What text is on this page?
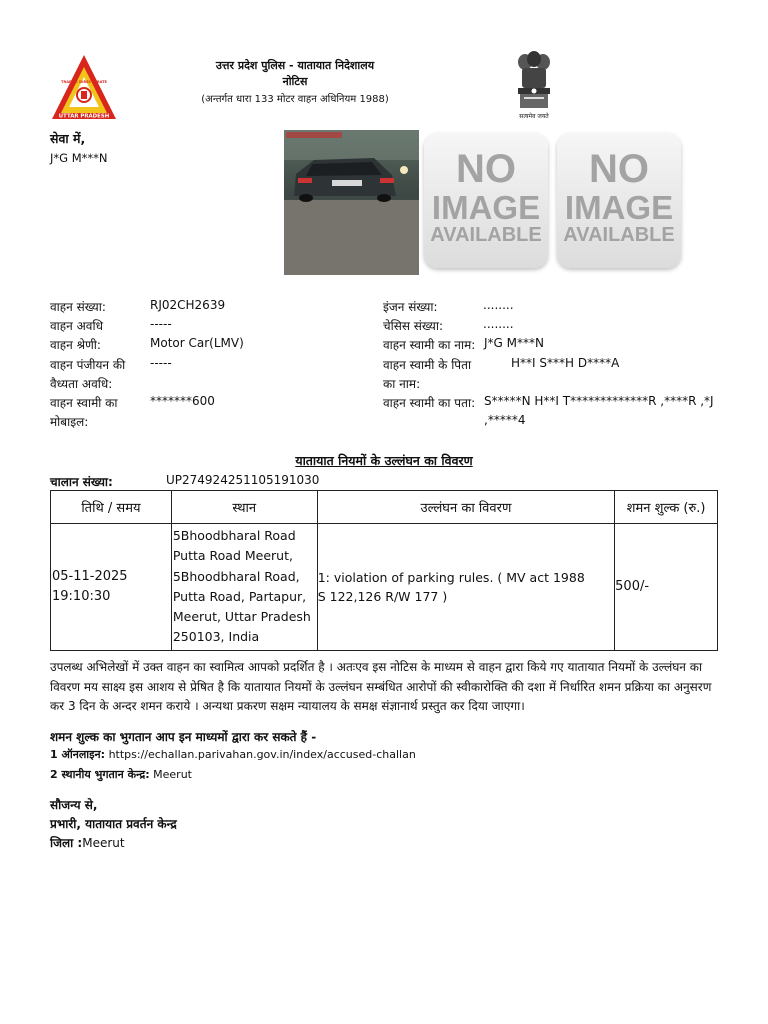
UTTAR PRADESH
TRAFFIC DIRECTORATE
उत्तर प्रदेश पुलिस - यातायात निदेशालय
नोटिस
(अन्तर्गत धारा 133 मोटर वाहन अधिनियम 1988)
सत्यमेव जयते
सेवा में,
J*G M***N	NO
IMAGE
AVAILABLE
NO
IMAGE
AVAILABLE
वाहन संख्या:	RJ02CH2639
वाहन अवधि	-----
वाहन श्रेणी:	Motor Car(LMV)
वाहन पंजीयन की
वैध्यता अवधि:
-----
वाहन स्वामी का
मोबाइल:
*******600
इंजन संख्या:	........
चेसिस संख्या:	........
वाहन स्वामी का नाम: J*G M***N
वाहन स्वामी के पिता
का नाम:
H**I S***H D****A
वाहन स्वामी का पता: S*****N H**I T*************R ,****R ,*J
,*****4
यातायात नियमों के उल्लंघन का विवरण
चालान संख्या:	UP274924251105191030
तिथि / समय	स्थान	उल्लंघन का विवरण	शमन शुल्क (रु.)

05-11-2025
19:10:30	5Bhoodbharal Road Putta Road Meerut, 5Bhoodbharal Road, Putta Road, Partapur, Meerut, Uttar Pradesh 250103, India	1: violation of parking rules. ( MV act 1988 S 122,126 R/W 177 )	500/-
उपलब्ध अभिलेखों में उक्त वाहन का स्वामित्व आपको प्रदर्शित है । अतःएव इस नोटिस के माध्यम से वाहन द्वारा किये गए यातायात नियमों के उल्लंघन का विवरण मय साक्ष्य इस आशय से प्रेषित है कि यातायात नियमों के उल्लंघन सम्बंधित आरोपों की स्वीकारोक्ति की दशा में निर्धारित शमन प्रक्रिया का अनुसरण कर 3 दिन के अन्दर शमन कराये । अन्यथा प्रकरण सक्षम न्यायालय के समक्ष संज्ञानार्थ प्रस्तुत कर दिया जाएगा।
शमन शुल्क का भुगतान आप इन माध्यमों द्वारा कर सकते हैं -
1 ऑनलाइन: https://echallan.parivahan.gov.in/index/accused-challan
2 स्थानीय भुगतान केन्द्र: Meerut
सौजन्य से,
प्रभारी, यातायात प्रवर्तन केन्द्र
जिला :Meerut
